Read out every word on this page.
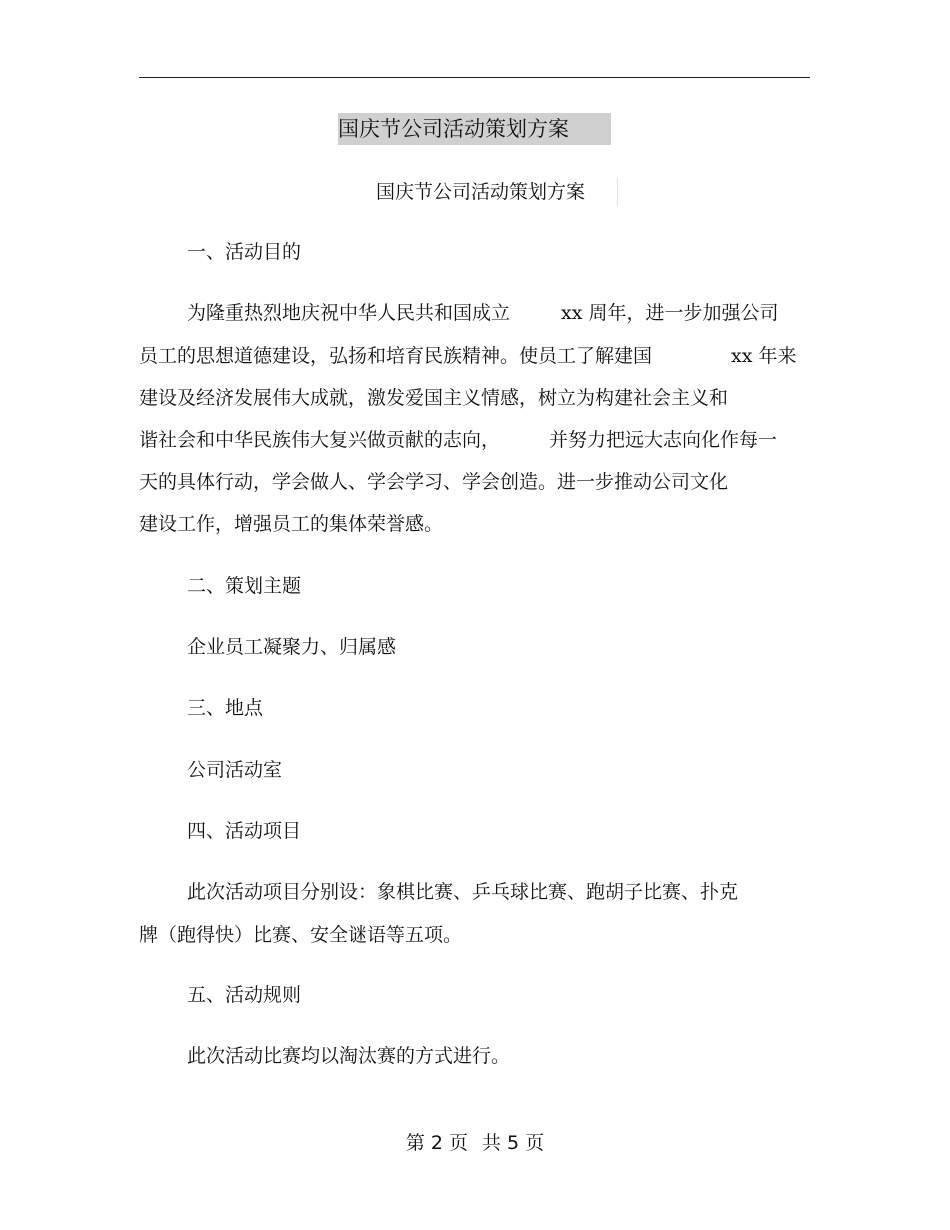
国庆节公司活动策划方案
国庆节公司活动策划方案
一、活动目的
为隆重热烈地庆祝中华人民共和国成立	xx 周年，进一步加强公司
员工的思想道德建设，弘扬和培育民族精神。使员工了解建国	xx 年来
建设及经济发展伟大成就，激发爱国主义情感，树立为构建社会主义和
谐社会和中华民族伟大复兴做贡献的志向，	并努力把远大志向化作每一
天的具体行动，学会做人、学会学习、学会创造。进一步推动公司文化
建设工作，增强员工的集体荣誉感。
二、策划主题
企业员工凝聚力、归属感
三、地点
公司活动室
四、活动项目
此次活动项目分别设：象棋比赛、乒乓球比赛、跑胡子比赛、扑克
牌（跑得快）比赛、安全谜语等五项。
五、活动规则
此次活动比赛均以淘汰赛的方式进行。
第 2 页 共 5 页
